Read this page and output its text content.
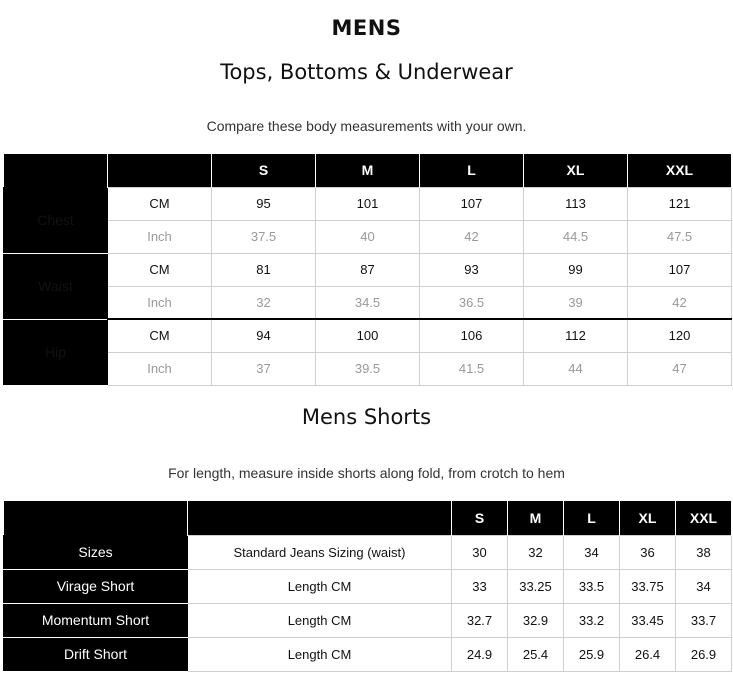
MENS
Tops, Bottoms & Underwear
Compare these body measurements with your own.
		S	M	L	XL	XXL
Chest	CM	95	101	107	113	121
	Inch	37.5	40	42	44.5	47.5
Waist	CM	81	87	93	99	107
	Inch	32	34.5	36.5	39	42
Hip	CM	94	100	106	112	120
	Inch	37	39.5	41.5	44	47
Mens Shorts
For length, measure inside shorts along fold, from crotch to hem
		S	M	L	XL	XXL
Sizes	Standard Jeans Sizing (waist)	30	32	34	36	38
Virage Short	Length CM	33	33.25	33.5	33.75	34
Momentum Short	Length CM	32.7	32.9	33.2	33.45	33.7
Drift Short	Length CM	24.9	25.4	25.9	26.4	26.9
